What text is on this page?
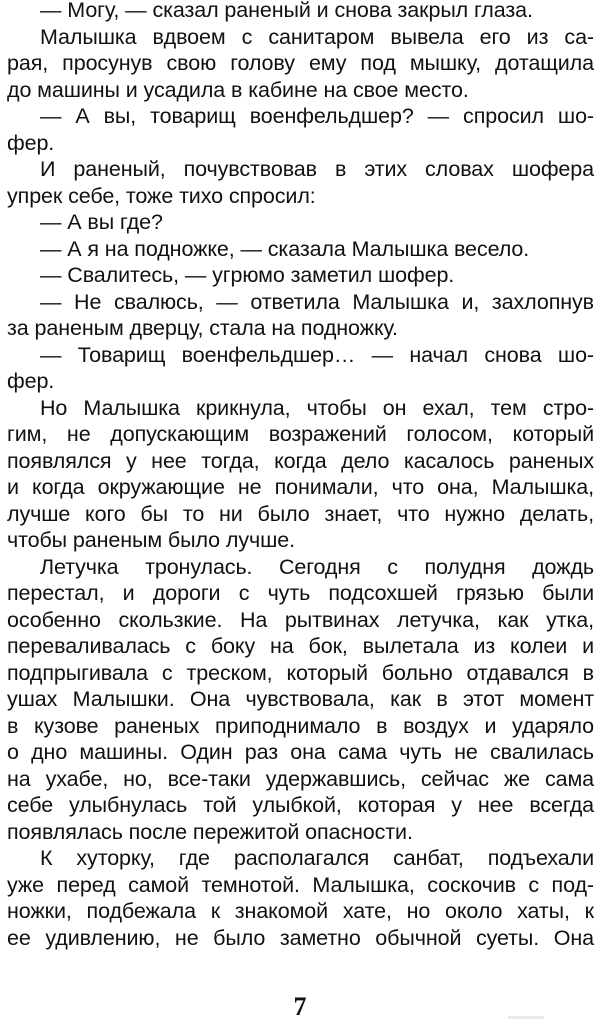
— Могу, — сказал раненый и снова закрыл глаза.
Малышка вдвоем с санитаром вывела его из са-
рая, просунув свою голову ему под мышку, дотащила
до машины и усадила в кабине на свое место.
— А вы, товарищ военфельдшер? — спросил шо-
фер.
И раненый, почувствовав в этих словах шофера
упрек себе, тоже тихо спросил:
— А вы где?
— А я на подножке, — сказала Малышка весело.
— Свалитесь, — угрюмо заметил шофер.
— Не свалюсь, — ответила Малышка и, захлопнув
за раненым дверцу, стала на подножку.
— Товарищ военфельдшер… — начал снова шо-
фер.
Но Малышка крикнула, чтобы он ехал, тем стро-
гим, не допускающим возражений голосом, который
появлялся у нее тогда, когда дело касалось раненых
и когда окружающие не понимали, что она, Малышка,
лучше кого бы то ни было знает, что нужно делать,
чтобы раненым было лучше.
Летучка тронулась. Сегодня с полудня дождь
перестал, и дороги с чуть подсохшей грязью были
особенно скользкие. На рытвинах летучка, как утка,
переваливалась с боку на бок, вылетала из колеи и
подпрыгивала с треском, который больно отдавался в
ушах Малышки. Она чувствовала, как в этот момент
в кузове раненых приподнимало в воздух и ударяло
о дно машины. Один раз она сама чуть не свалилась
на ухабе, но, все-таки удержавшись, сейчас же сама
себе улыбнулась той улыбкой, которая у нее всегда
появлялась после пережитой опасности.
К хуторку, где располагался санбат, подъехали
уже перед самой темнотой. Малышка, соскочив с под-
ножки, подбежала к знакомой хате, но около хаты, к
ее удивлению, не было заметно обычной суеты. Она
7
